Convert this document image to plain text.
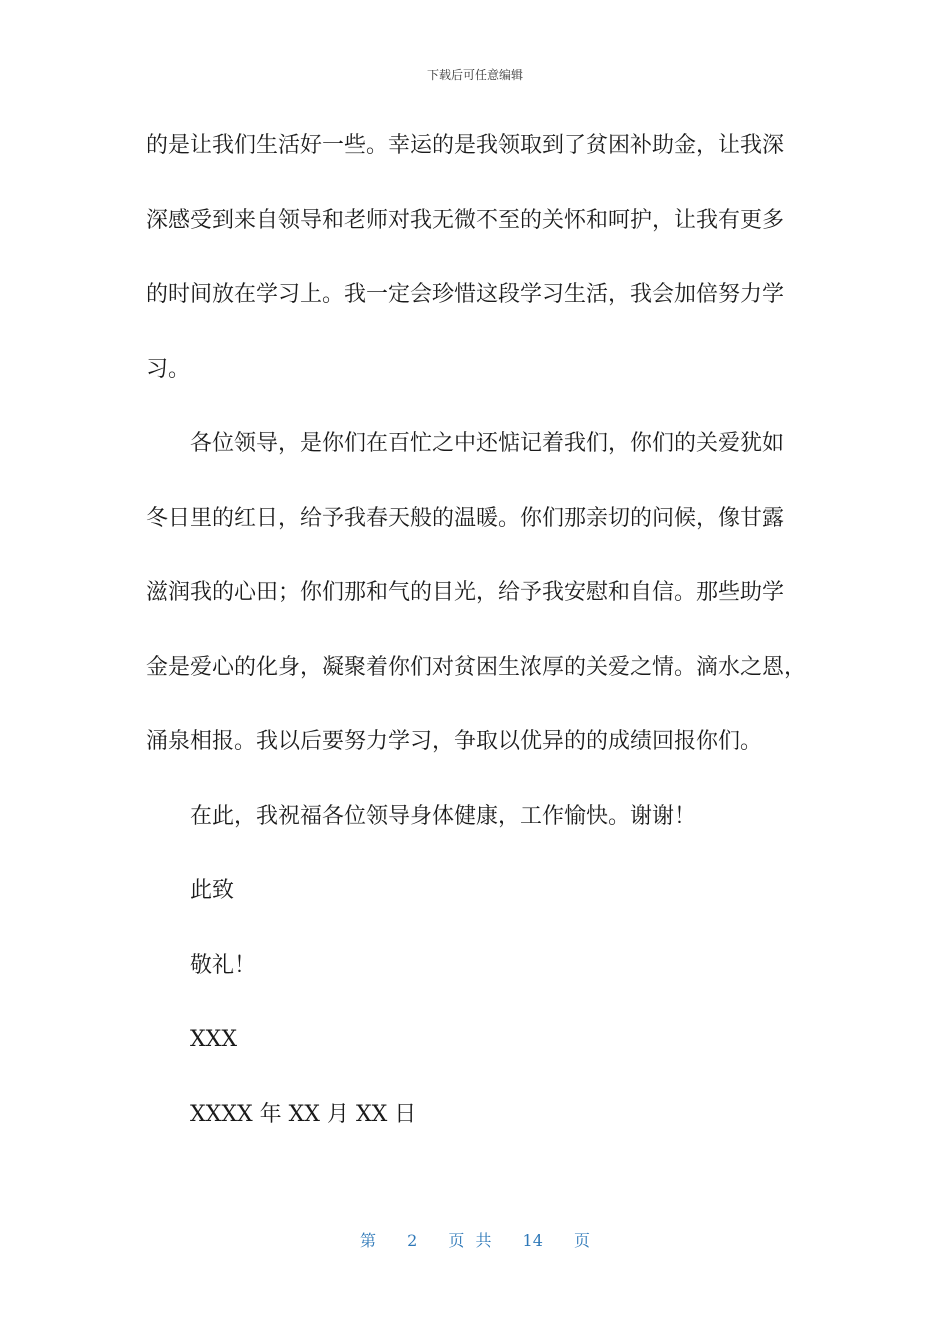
下载后可任意编辑
的是让我们生活好一些。幸运的是我领取到了贫困补助金，让我深
深感受到来自领导和老师对我无微不至的关怀和呵护，让我有更多
的时间放在学习上。我一定会珍惜这段学习生活，我会加倍努力学
习。
各位领导，是你们在百忙之中还惦记着我们，你们的关爱犹如
冬日里的红日，给予我春天般的温暖。你们那亲切的问候，像甘露
滋润我的心田；你们那和气的目光，给予我安慰和自信。那些助学
金是爱心的化身，凝聚着你们对贫困生浓厚的关爱之情。滴水之恩，
涌泉相报。我以后要努力学习，争取以优异的的成绩回报你们。
在此，我祝福各位领导身体健康，工作愉快。谢谢！
此致
敬礼！
XXX
XXXX 年 XX 月 XX 日
第 2 页 共 14 页
